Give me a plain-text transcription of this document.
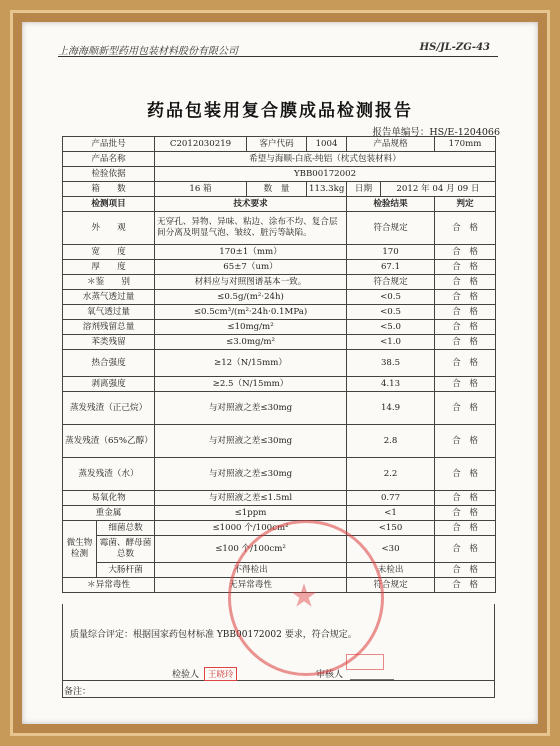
上海海顺新型药用包装材料股份有限公司	HS/JL-ZG-43
药品包装用复合膜成品检测报告
报告单编号：HS/E-1204066
产品批号		C2012030219	客户代码	1004	产品规格		170mm
产品名称		希望与海顺-白底-纯铝（枕式包装材料）					
检验依据		YBB00172002					
箱　　数		16 箱	数　量	113.3kg	日期	2012 年 04 月 09 日	
检测项目		技术要求			检验结果		判定
外　　观		无穿孔、异物、异味、粘边、涂布不均、复合层间分离及明显气泡、皱纹、脏污等缺陷。			符合规定		合　格
宽　　度		170±1（mm）			170		合　格
厚　　度		65±7（um）			67.1		合　格
＊鉴　　别		材料应与对照图谱基本一致。			符合规定		合　格
水蒸气透过量		≤0.5g/(m²·24h)			<0.5		合　格
氧气透过量		≤0.5cm³/(m²·24h·0.1MPa)			<0.5		合　格
溶剂残留总量		≤10mg/m²			<5.0		合　格
苯类残留		≤3.0mg/m²			<1.0		合　格
热合强度		≥12（N/15mm）			38.5		合　格
剥离强度		≥2.5（N/15mm）			4.13		合　格
蒸发残渣（正己烷）		与对照液之差≤30mg			14.9		合　格
蒸发残渣（65%乙醇）		与对照液之差≤30mg			2.8		合　格
蒸发残渣（水）		与对照液之差≤30mg			2.2		合　格
易氧化物		与对照液之差≤1.5ml			0.77		合　格
重金属		≤1ppm			<1		合　格
微生物检测	细菌总数	≤1000 个/100cm²			<150		合　格
	霉菌、酵母菌总数	≤100 个/100cm²			<30		合　格
	大肠杆菌	不得检出			未检出		合　格
＊异常毒性		无异常毒性			符合规定		合　格
质量综合评定：根据国家药包材标准 YBB00172002 要求，符合规定。
检验人 王晓玲	审核人
备注：
